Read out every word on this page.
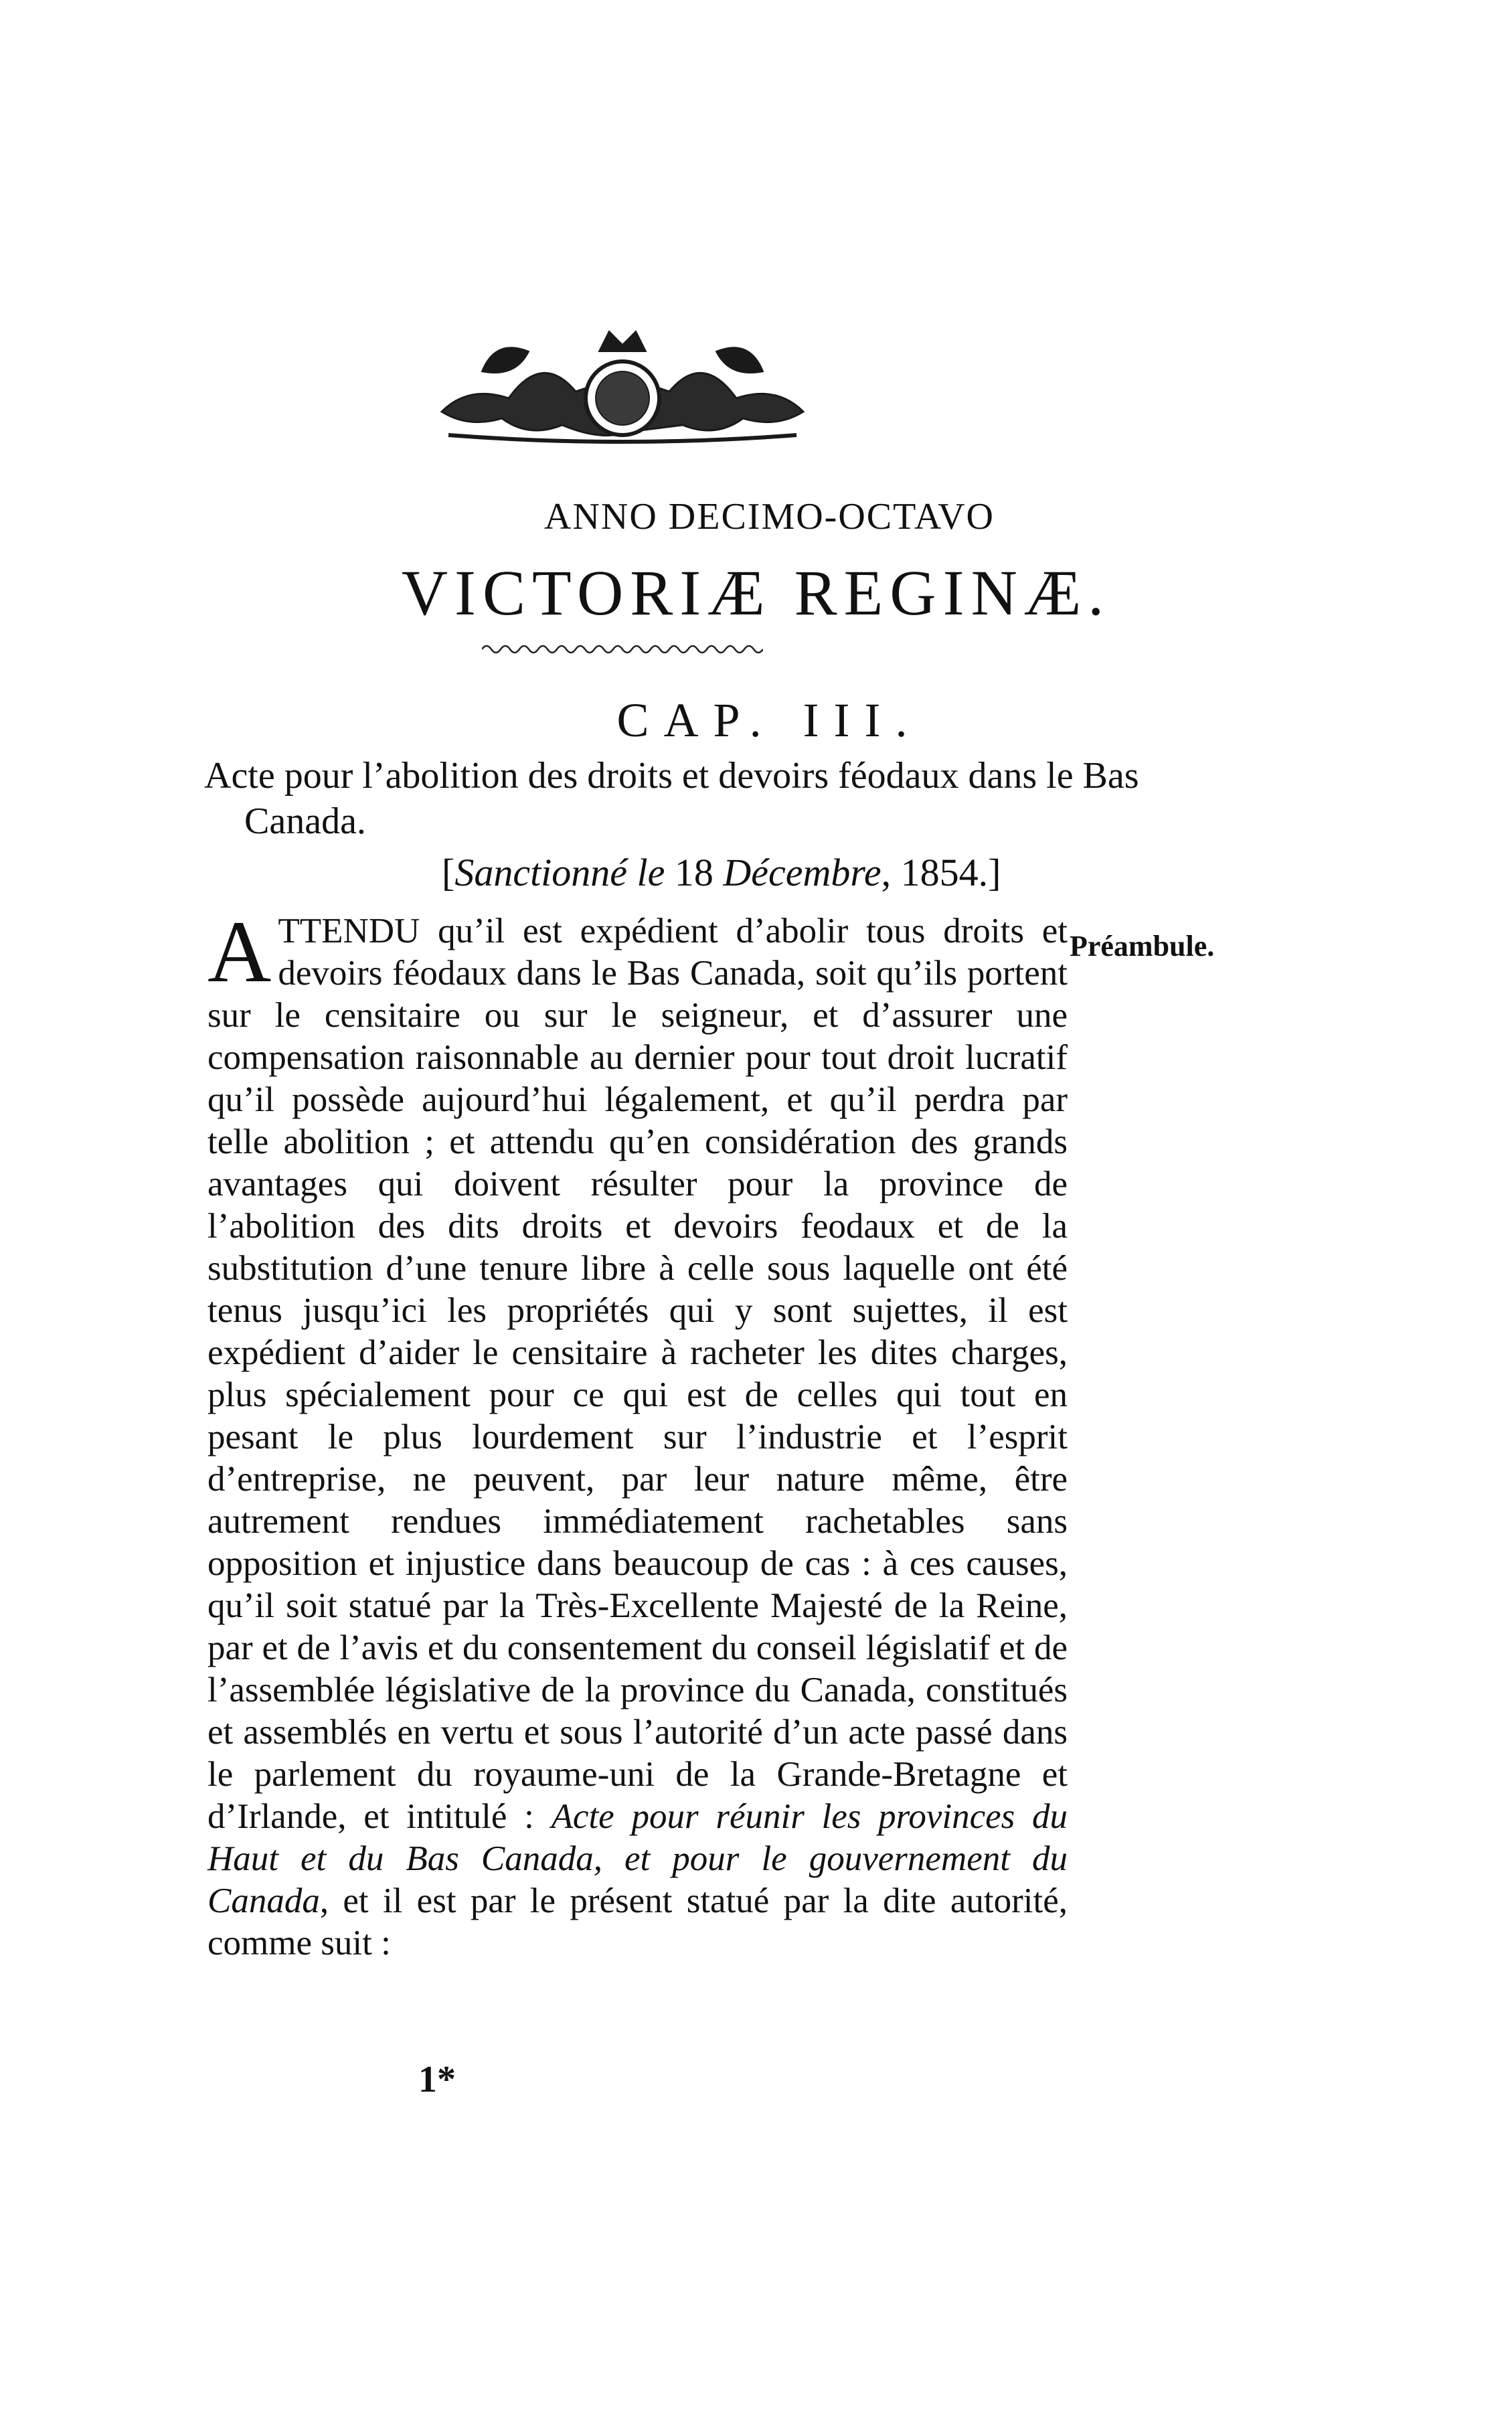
ANNO DECIMO-OCTAVO
VICTORIÆ REGINÆ.
CAP. III.
Acte pour l’abolition des droits et devoirs féodaux dans le Bas Canada.
[Sanctionné le 18 Décembre, 1854.]
Préambule.
ATTENDU qu’il est expédient d’abolir tous droits et devoirs féodaux dans le Bas Canada, soit qu’ils portent sur le censitaire ou sur le seigneur, et d’assurer une compensation raisonnable au dernier pour tout droit lucratif qu’il possède aujourd’hui légalement, et qu’il perdra par telle abolition ; et attendu qu’en considération des grands avantages qui doivent résulter pour la province de l’abolition des dits droits et devoirs feodaux et de la substitution d’une tenure libre à celle sous laquelle ont été tenus jusqu’ici les propriétés qui y sont sujettes, il est expédient d’aider le censitaire à racheter les dites charges, plus spécialement pour ce qui est de celles qui tout en pesant le plus lourdement sur l’industrie et l’esprit d’entreprise, ne peuvent, par leur nature même, être autrement rendues immédiatement rachetables sans opposition et injustice dans beaucoup de cas : à ces causes, qu’il soit statué par la Très-Excellente Majesté de la Reine, par et de l’avis et du consentement du conseil législatif et de l’assemblée législative de la province du Canada, constitués et assemblés en vertu et sous l’autorité d’un acte passé dans le parlement du royaume-uni de la Grande-Bretagne et d’Irlande, et intitulé : Acte pour réunir les provinces du Haut et du Bas Canada, et pour le gouvernement du Canada, et il est par le présent statué par la dite autorité, comme suit :
1*
